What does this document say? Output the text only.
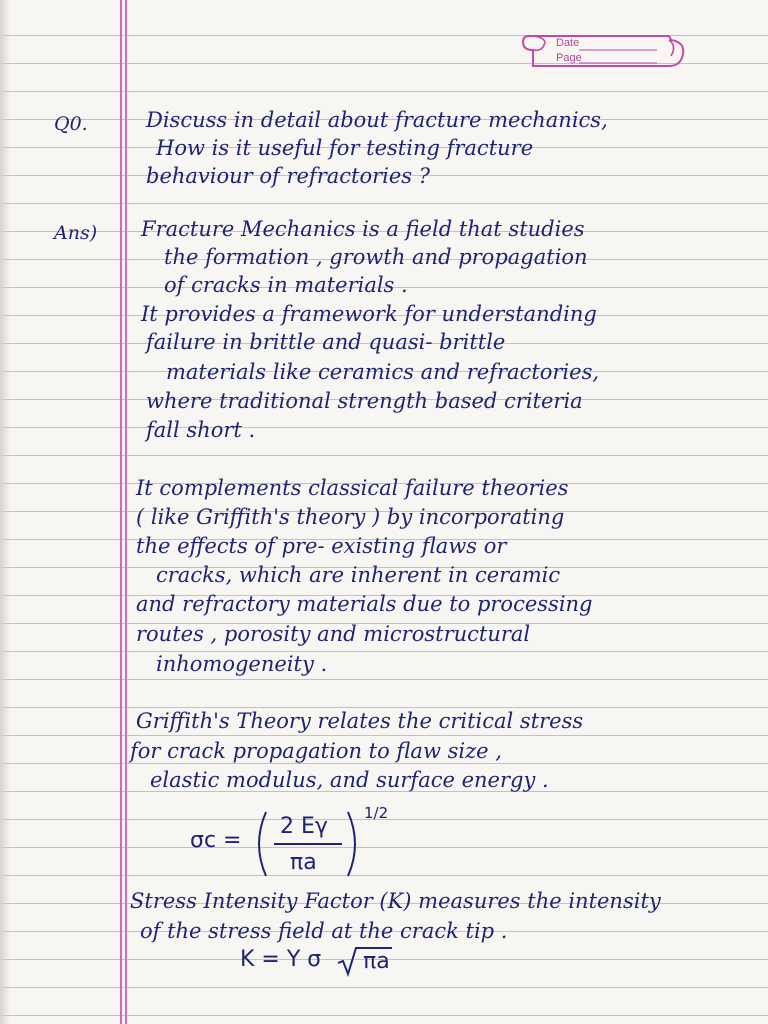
Date
Page
Q0.	Discuss in detail about fracture mechanics,
How is it useful for testing fracture
behaviour of refractories ?
Ans) Fracture Mechanics is a field that studies
the formation , growth and propagation
of cracks in materials .
It provides a framework for understanding
failure in brittle and quasi- brittle
materials like ceramics and refractories,
where traditional strength based criteria
fall short .
It complements classical failure theories
( like Griffith's theory ) by incorporating
the effects of pre- existing flaws or
cracks, which are inherent in ceramic
and refractory materials due to processing
routes , porosity and microstructural
inhomogeneity .
Griffith's Theory relates the critical stress
for crack propagation to flaw size ,
elastic modulus, and surface energy .
σc =
2 Eγ
πa
1/2
Stress Intensity Factor (K) measures the intensity
of the stress field at the crack tip .
K = Y σ πa
